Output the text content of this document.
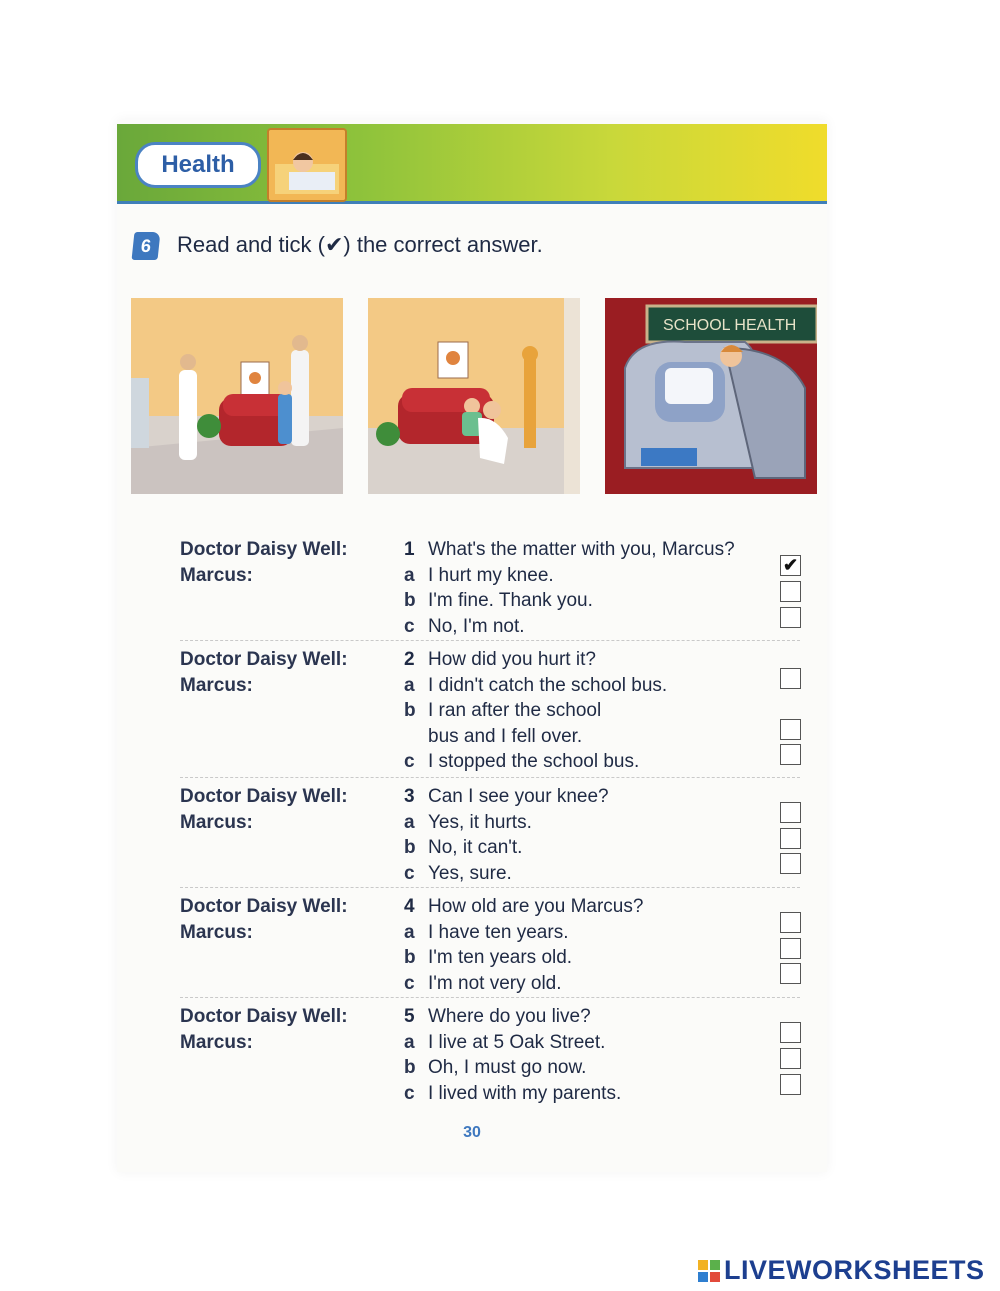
Health
6	Read and tick (✔) the correct answer.
SCHOOL HEALTH
Doctor Daisy Well:
Marcus:
1 What's the matter with you, Marcus?
a I hurt my knee.	✔
b I'm fine. Thank you.
c No, I'm not.
Doctor Daisy Well:
Marcus:
2 How did you hurt it?
a I didn't catch the school bus.
b I ran after the school
bus and I fell over.
c I stopped the school bus.
Doctor Daisy Well:
Marcus:
3 Can I see your knee?
a Yes, it hurts.
b No, it can't.
c Yes, sure.
Doctor Daisy Well:
Marcus:
4 How old are you Marcus?
a I have ten years.
b I'm ten years old.
c I'm not very old.
Doctor Daisy Well:
Marcus:
5 Where do you live?
a I live at 5 Oak Street.
b Oh, I must go now.
c I lived with my parents.
30
LIVEWORKSHEETS
